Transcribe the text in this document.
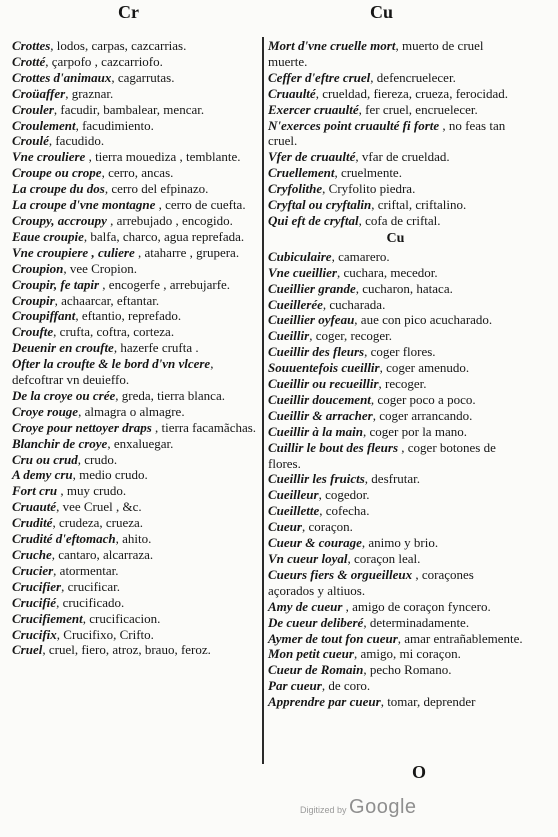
Cr	Cu
Crottes, lodos, carpas, cazcarrias.
Crotté, çarpofo , cazcarriofo.
Crottes d'animaux, cagarrutas.
Croüaffer, graznar.
Crouler, facudir, bambalear, mencar.
Croulement, facudimiento.
Croulé, facudido.
Vne crouliere , tierra mouediza , temblante.
Croupe ou crope, cerro, ancas.
La croupe du dos, cerro del efpinazo.
La croupe d'vne montagne , cerro de cuefta.
Croupy, accroupy , arrebujado , encogido.
Eaue croupie, balfa, charco, agua reprefada.
Vne croupiere , culiere , ataharre , grupera.
Croupion, vee Cropion.
Croupir, fe tapir , encogerfe , arrebujarfe.
Croupir, achaarcar, eftantar.
Croupiffant, eftantio, reprefado.
Croufte, crufta, coftra, corteza.
Deuenir en croufte, hazerfe crufta .
Ofter la croufte & le bord d'vn vlcere, defcoftrar vn deuieffo.
De la croye ou crée, greda, tierra blanca.
Croye rouge, almagra o almagre.
Croye pour nettoyer draps , tierra facamãchas.
Blanchir de croye, enxaluegar.
Cru ou crud, crudo.
A demy cru, medio crudo.
Fort cru , muy crudo.
Cruauté, vee Cruel , &c.
Crudité, crudeza, crueza.
Crudité d'eftomach, ahito.
Cruche, cantaro, alcarraza.
Crucier, atormentar.
Crucifier, crucificar.
Crucifié, crucificado.
Crucifiement, crucificacion.
Crucifix, Crucifixo, Crifto.
Cruel, cruel, fiero, atroz, brauo, feroz.
Mort d'vne cruelle mort, muerto de cruel muerte.
Ceffer d'eftre cruel, defencruelecer.
Cruaulté, crueldad, fiereza, crueza, ferocidad.
Exercer cruaulté, fer cruel, encruelecer.
N'exerces point cruaulté fi forte , no feas tan cruel.
Vfer de cruaulté, vfar de crueldad.
Cruellement, cruelmente.
Cryfolithe, Cryfolito piedra.
Cryftal ou cryftalin, criftal, criftalino.
Qui eft de cryftal, cofa de criftal.
Cu
Cubiculaire, camarero.
Vne cueillier, cuchara, mecedor.
Cueillier grande, cucharon, hataca.
Cueillerée, cucharada.
Cueillier oyfeau, aue con pico acucharado.
Cueillir, coger, recoger.
Cueillir des fleurs, coger flores.
Souuentefois cueillir, coger amenudo.
Cueillir ou recueillir, recoger.
Cueillir doucement, coger poco a poco.
Cueillir & arracher, coger arrancando.
Cueillir à la main, coger por la mano.
Cuillir le bout des fleurs , coger botones de flores.
Cueillir les fruicts, desfrutar.
Cueilleur, cogedor.
Cueillette, cofecha.
Cueur, coraçon.
Cueur & courage, animo y brio.
Vn cueur loyal, coraçon leal.
Cueurs fiers & orgueilleux , coraçones açorados y altiuos.
Amy de cueur , amigo de coraçon fyncero.
De cueur deliberé, determinadamente.
Aymer de tout fon cueur, amar entrañablemente.
Mon petit cueur, amigo, mi coraçon.
Cueur de Romain, pecho Romano.
Par cueur, de coro.
Apprendre par cueur, tomar, deprender
O
Digitized by Google
